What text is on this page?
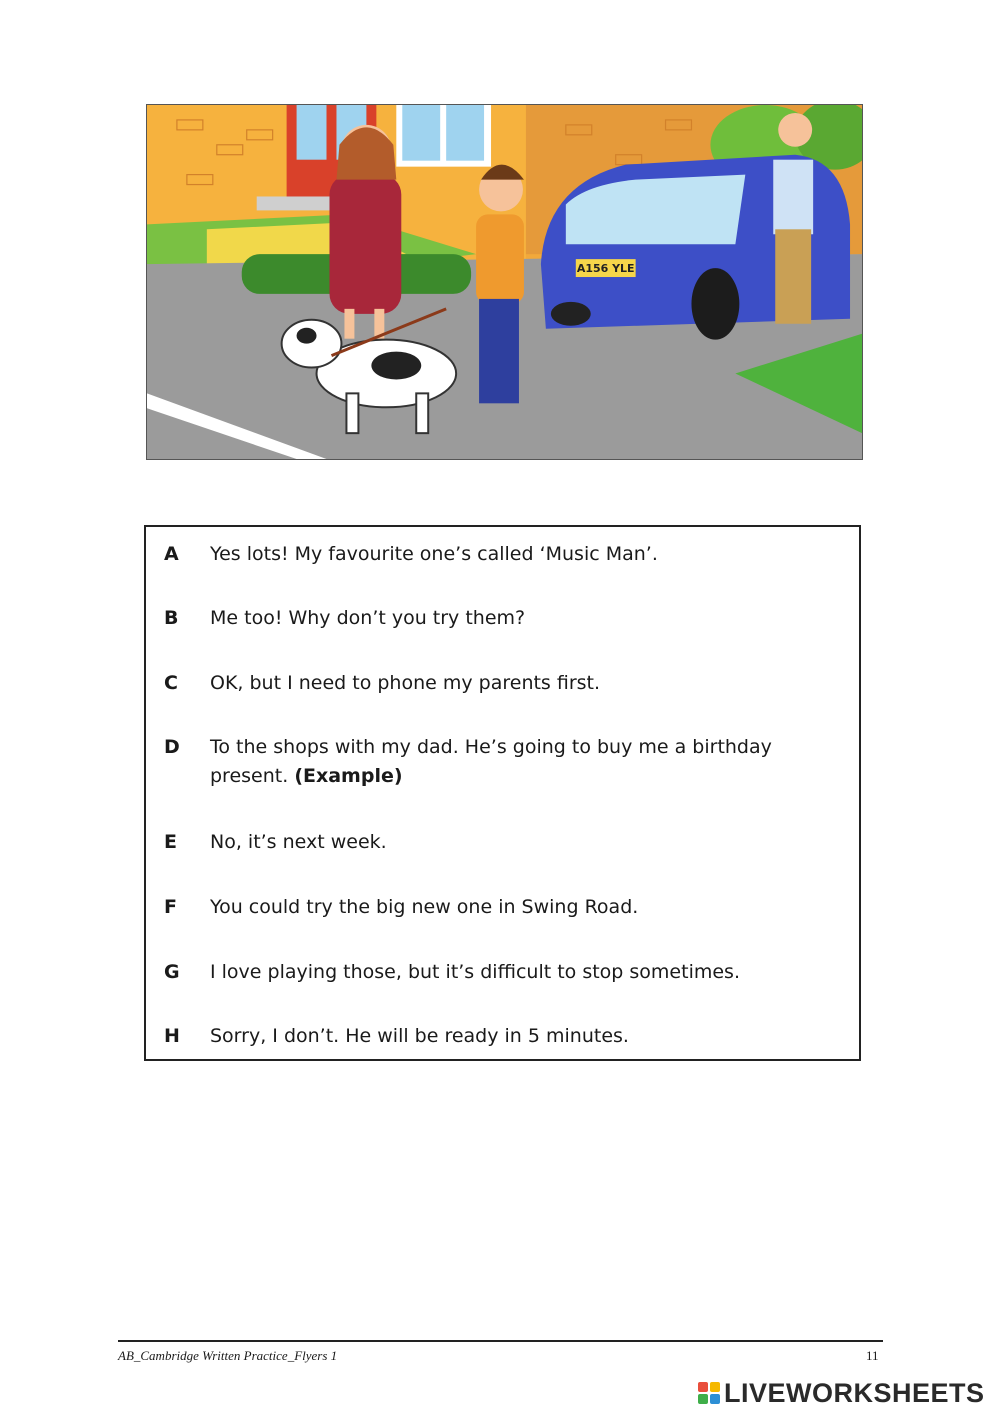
A156 YLE
A Yes lots! My favourite one’s called ‘Music Man’.
B Me too! Why don’t you try them?
C OK, but I need to phone my parents first.
D To the shops with my dad. He’s going to buy me a birthday present. (Example)
E No, it’s next week.
F You could try the big new one in Swing Road.
G I love playing those, but it’s difficult to stop sometimes.
H Sorry, I don’t. He will be ready in 5 minutes.
AB_Cambridge Written Practice_Flyers 1	11
LIVEWORKSHEETS
